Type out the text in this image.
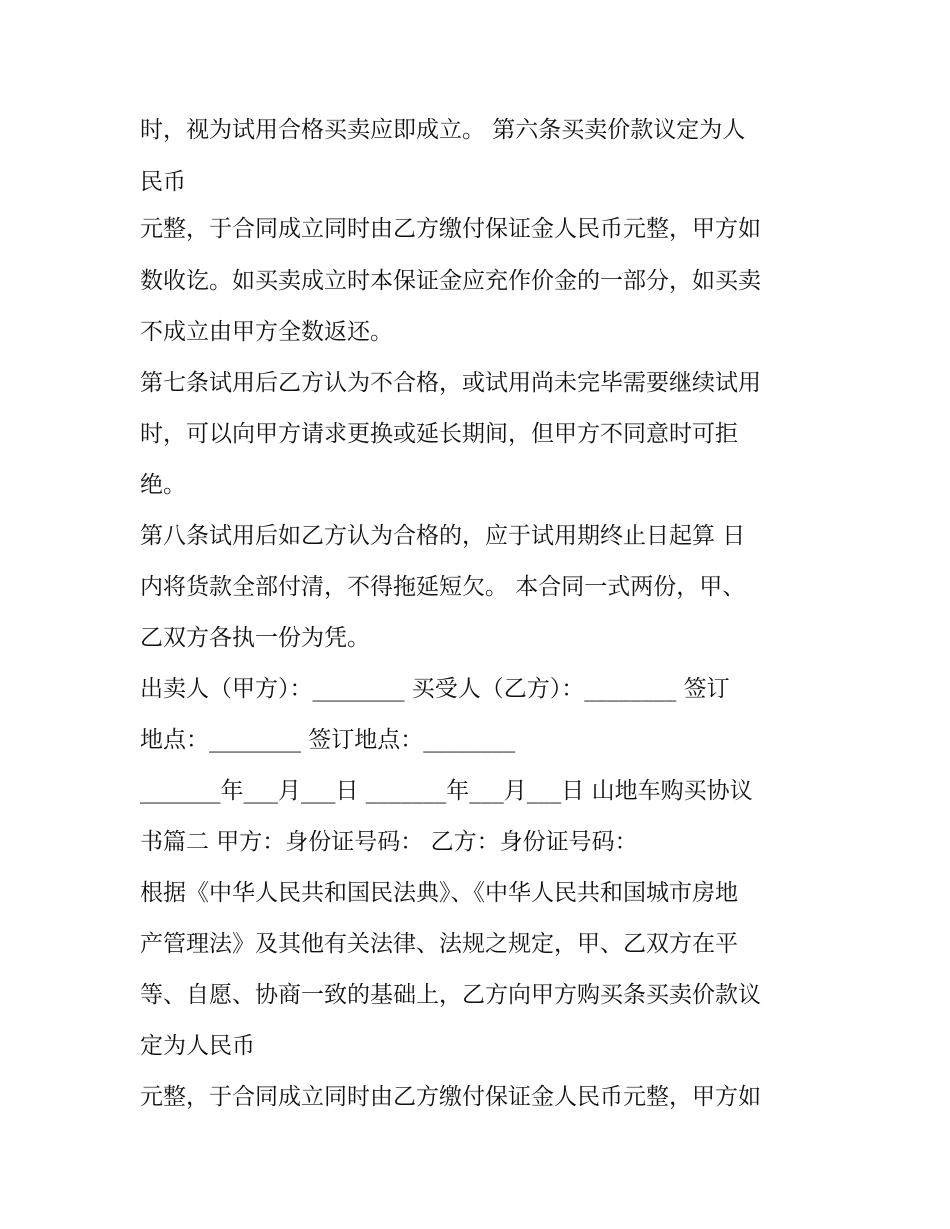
时，视为试用合格买卖应即成立。 第六条买卖价款议定为人

民币

元整，于合同成立同时由乙方缴付保证金人民币元整，甲方如

数收讫。如买卖成立时本保证金应充作价金的一部分，如买卖

不成立由甲方全数返还。

第七条试用后乙方认为不合格，或试用尚未完毕需要继续试用

时，可以向甲方请求更换或延长期间，但甲方不同意时可拒

绝。

第八条试用后如乙方认为合格的，应于试用期终止日起算 日

内将货款全部付清，不得拖延短欠。 本合同一式两份，甲、

乙双方各执一份为凭。

出卖人（甲方）：________ 买受人（乙方）：________ 签订

地点：________ 签订地点：________

_______年___月___日 _______年___月___日 山地车购买协议

书篇二 甲方：身份证号码： 乙方：身份证号码：

根据《中华人民共和国民法典》、《中华人民共和国城市房地

产管理法》及其他有关法律、法规之规定，甲、乙双方在平

等、自愿、协商一致的基础上，乙方向甲方购买条买卖价款议

定为人民币

元整，于合同成立同时由乙方缴付保证金人民币元整，甲方如
